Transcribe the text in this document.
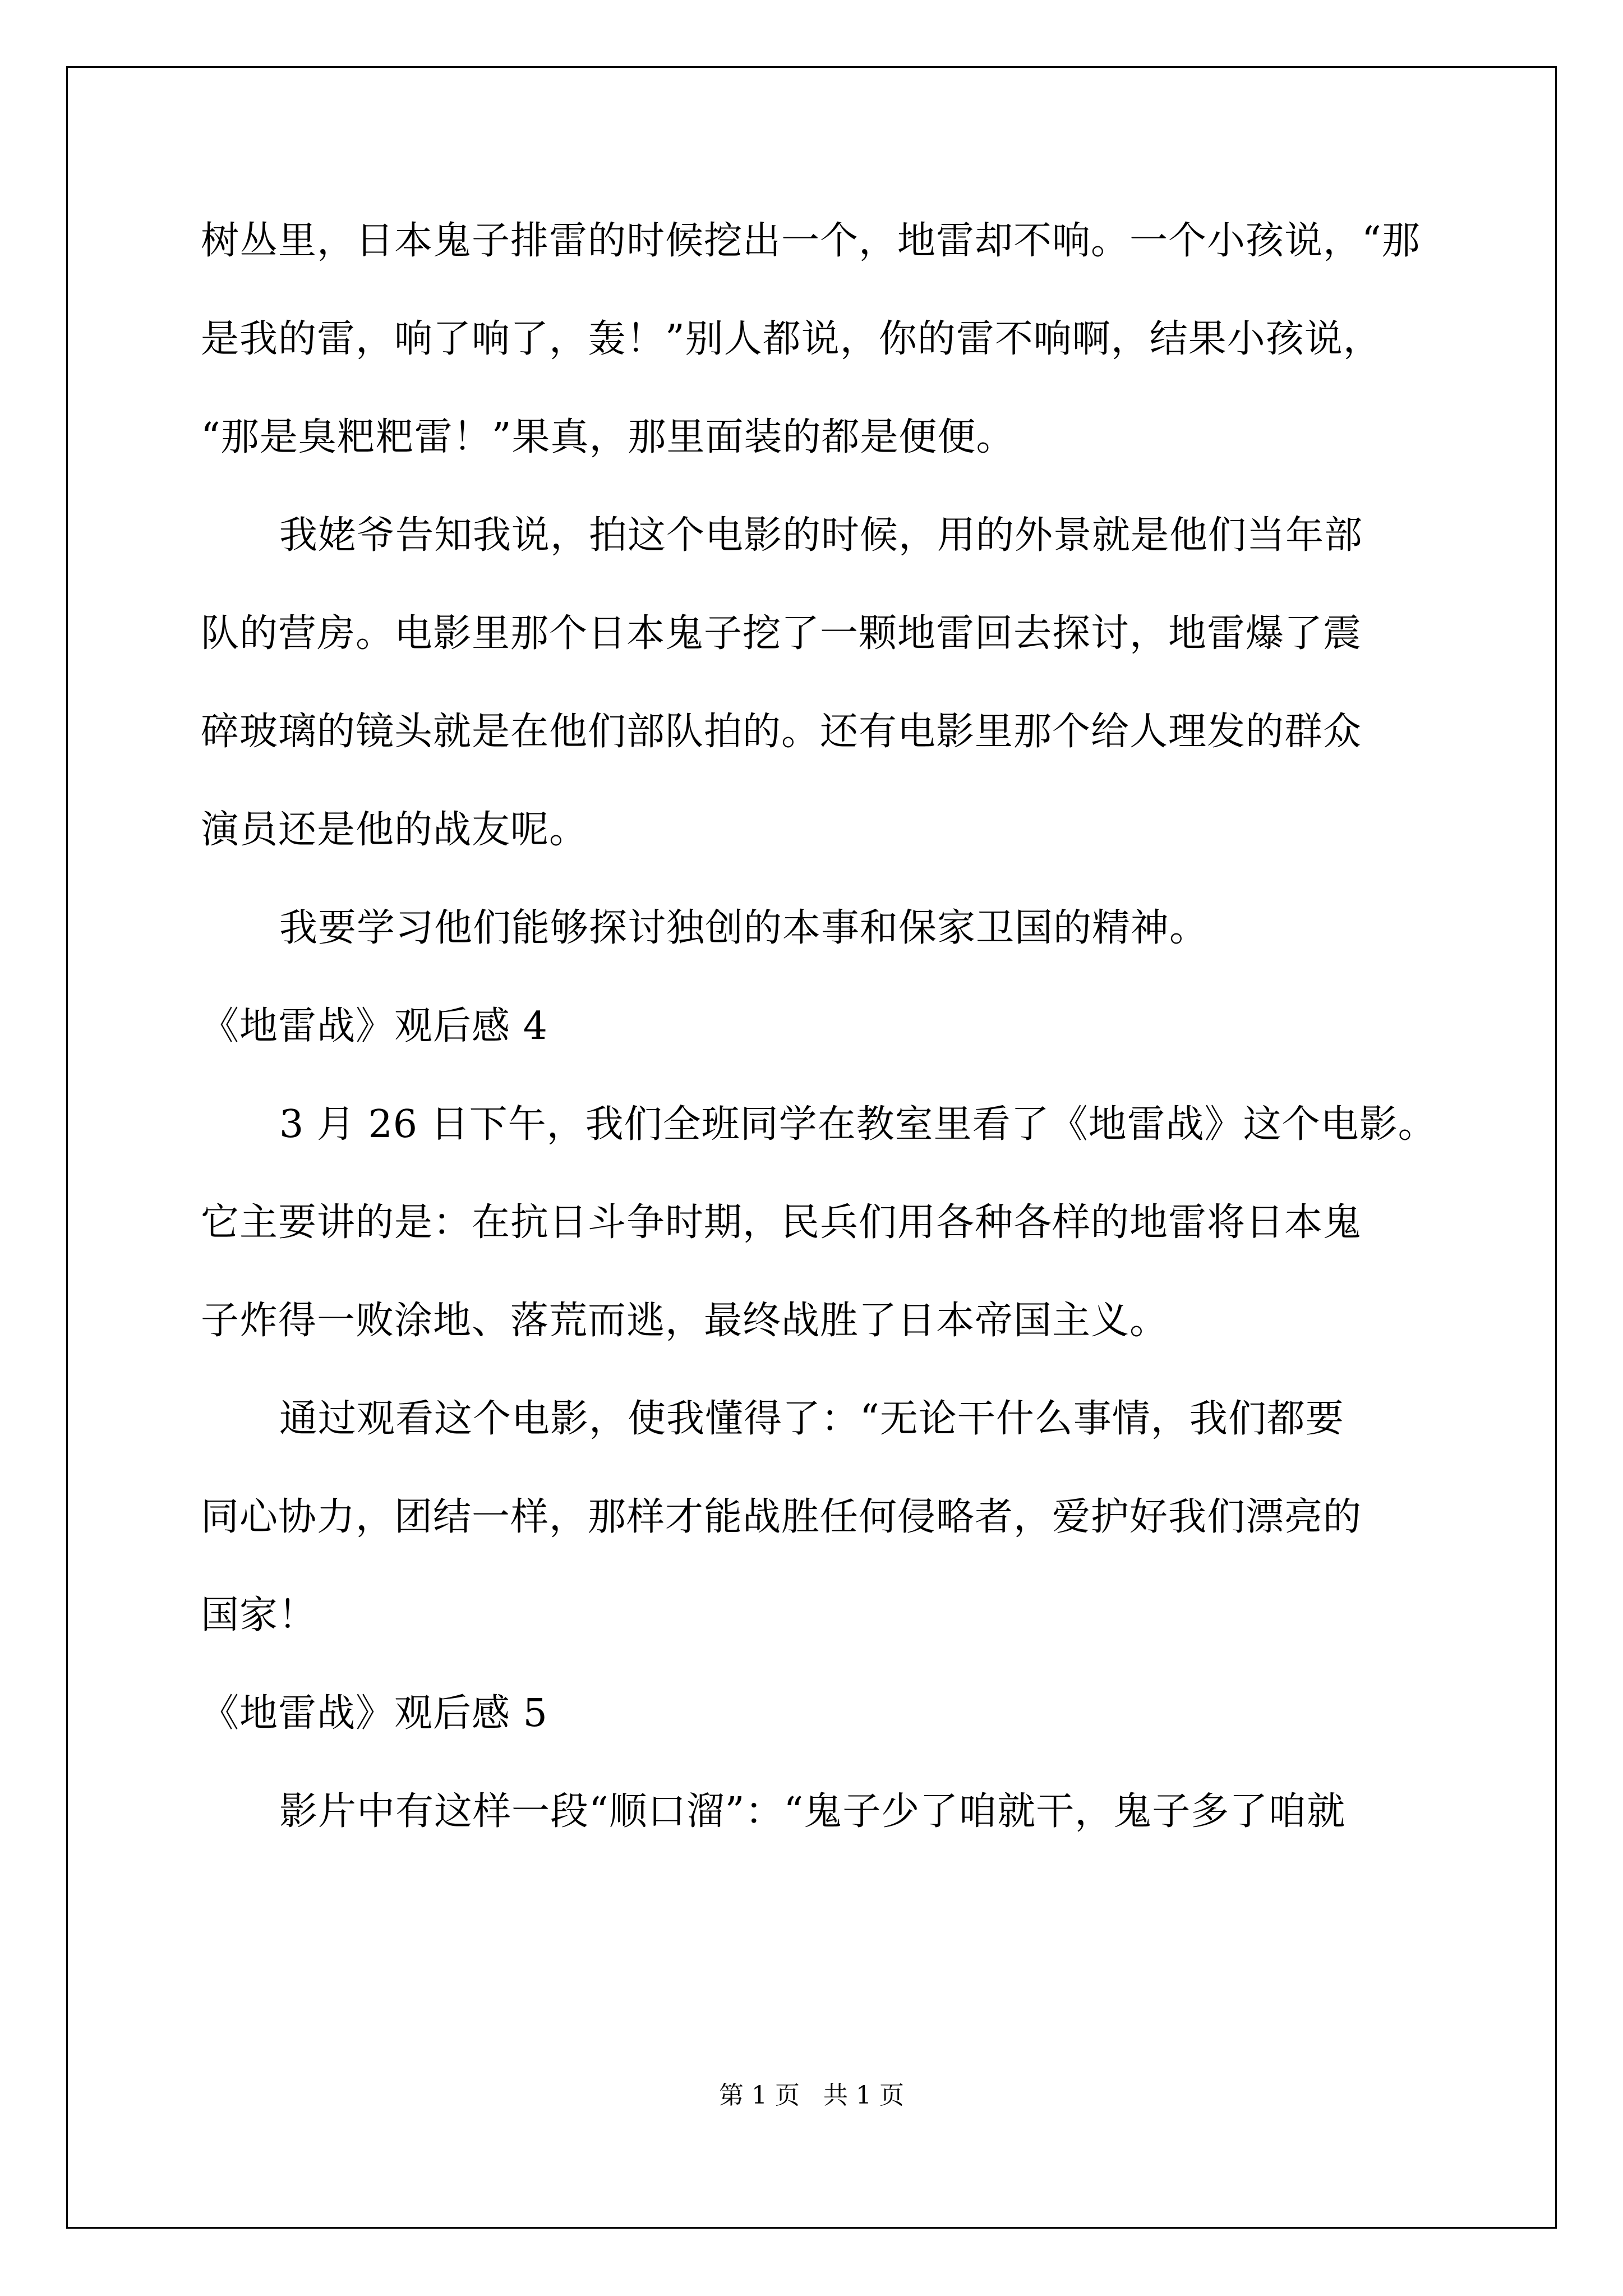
树丛里，日本鬼子排雷的时候挖出一个，地雷却不响。一个小孩说，“那
是我的雷，响了响了，轰！”别人都说，你的雷不响啊，结果小孩说，
“那是臭粑粑雷！”果真，那里面装的都是便便。
我姥爷告知我说，拍这个电影的时候，用的外景就是他们当年部
队的营房。电影里那个日本鬼子挖了一颗地雷回去探讨，地雷爆了震
碎玻璃的镜头就是在他们部队拍的。还有电影里那个给人理发的群众
演员还是他的战友呢。
我要学习他们能够探讨独创的本事和保家卫国的精神。
《地雷战》观后感 4
3 月 26 日下午，我们全班同学在教室里看了《地雷战》这个电影。
它主要讲的是：在抗日斗争时期，民兵们用各种各样的地雷将日本鬼
子炸得一败涂地、落荒而逃，最终战胜了日本帝国主义。
通过观看这个电影，使我懂得了：“无论干什么事情，我们都要
同心协力，团结一样，那样才能战胜任何侵略者，爱护好我们漂亮的
国家！
《地雷战》观后感 5
影片中有这样一段“顺口溜”：“鬼子少了咱就干，鬼子多了咱就
第 1 页 共 1 页
